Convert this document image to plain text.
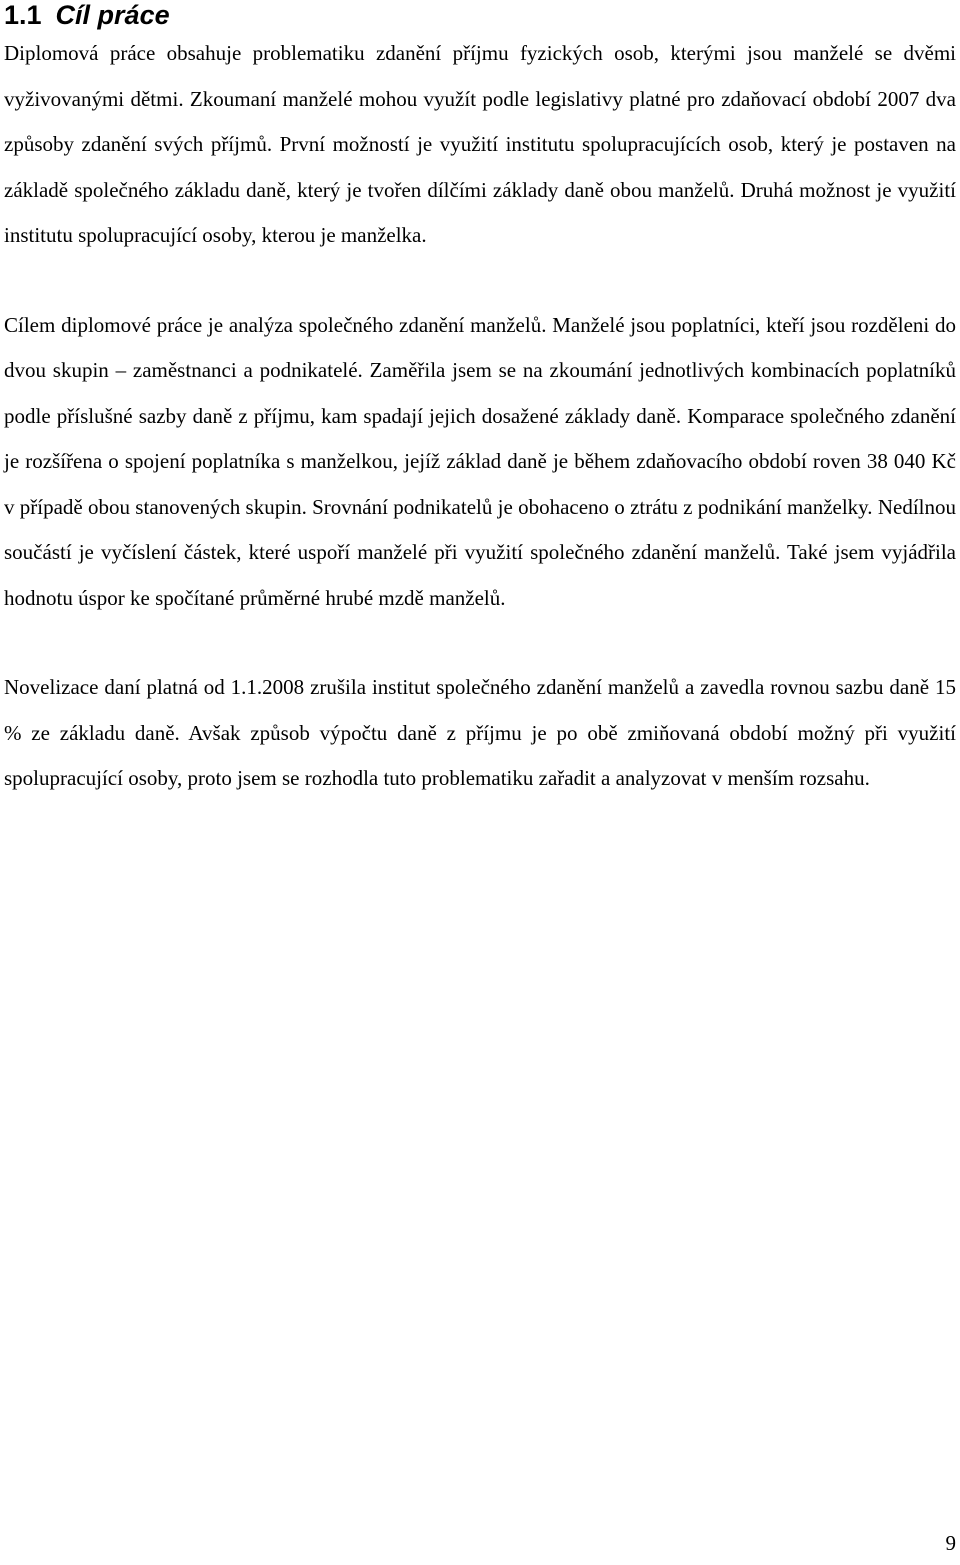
1.1 Cíl práce

Diplomová práce obsahuje problematiku zdanění příjmu fyzických osob, kterými jsou manželé se dvěmi vyživovanými dětmi. Zkoumaní manželé mohou využít podle legislativy platné pro zdaňovací období 2007 dva způsoby zdanění svých příjmů. První možností je využití institutu spolupracujících osob, který je postaven na základě společného základu daně, který je tvořen dílčími základy daně obou manželů. Druhá možnost je využití institutu spolupracující osoby, kterou je manželka.

Cílem diplomové práce je analýza společného zdanění manželů. Manželé jsou poplatníci, kteří jsou rozděleni do dvou skupin – zaměstnanci a podnikatelé. Zaměřila jsem se na zkoumání jednotlivých kombinacích poplatníků podle příslušné sazby daně z příjmu, kam spadají jejich dosažené základy daně. Komparace společného zdanění je rozšířena o spojení poplatníka s manželkou, jejíž základ daně je během zdaňovacího období roven 38 040 Kč v případě obou stanovených skupin. Srovnání podnikatelů je obohaceno o ztrátu z podnikání manželky. Nedílnou součástí je vyčíslení částek, které uspoří manželé při využití společného zdanění manželů. Také jsem vyjádřila hodnotu úspor ke spočítané průměrné hrubé mzdě manželů.

Novelizace daní platná od 1.1.2008 zrušila institut společného zdanění manželů a zavedla rovnou sazbu daně 15 % ze základu daně. Avšak způsob výpočtu daně z příjmu je po obě zmiňovaná období možný při využití spolupracující osoby, proto jsem se rozhodla tuto problematiku zařadit a analyzovat v menším rozsahu.

9
